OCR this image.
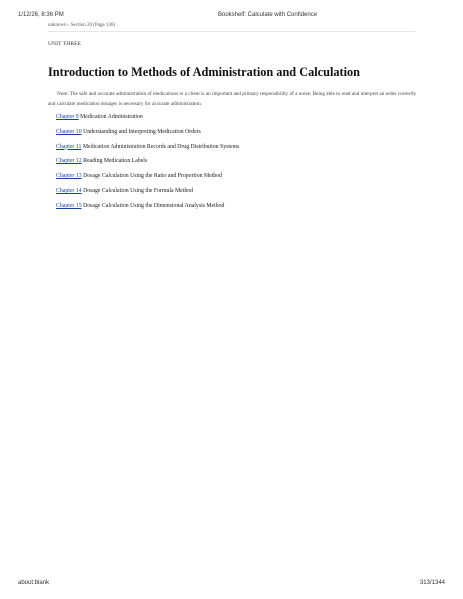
1/12/26, 8:36 PM	Bookshelf: Calculate with Confidence
unknown - Section 20 (Page 136)
UNIT THREE
Introduction to Methods of Administration and Calculation

Note: The safe and accurate administration of medications to a client is an important and primary responsibility of a nurse. Being able to read and interpret an order correctly and calculate medication dosages is necessary for accurate administration.

Chapter 9 Medication Administration
Chapter 10 Understanding and Interpreting Medication Orders
Chapter 11 Medication Administration Records and Drug Distribution Systems
Chapter 12 Reading Medication Labels
Chapter 13 Dosage Calculation Using the Ratio and Proportion Method
Chapter 14 Dosage Calculation Using the Formula Method
Chapter 15 Dosage Calculation Using the Dimensional Analysis Method
about:blank	313/1344
